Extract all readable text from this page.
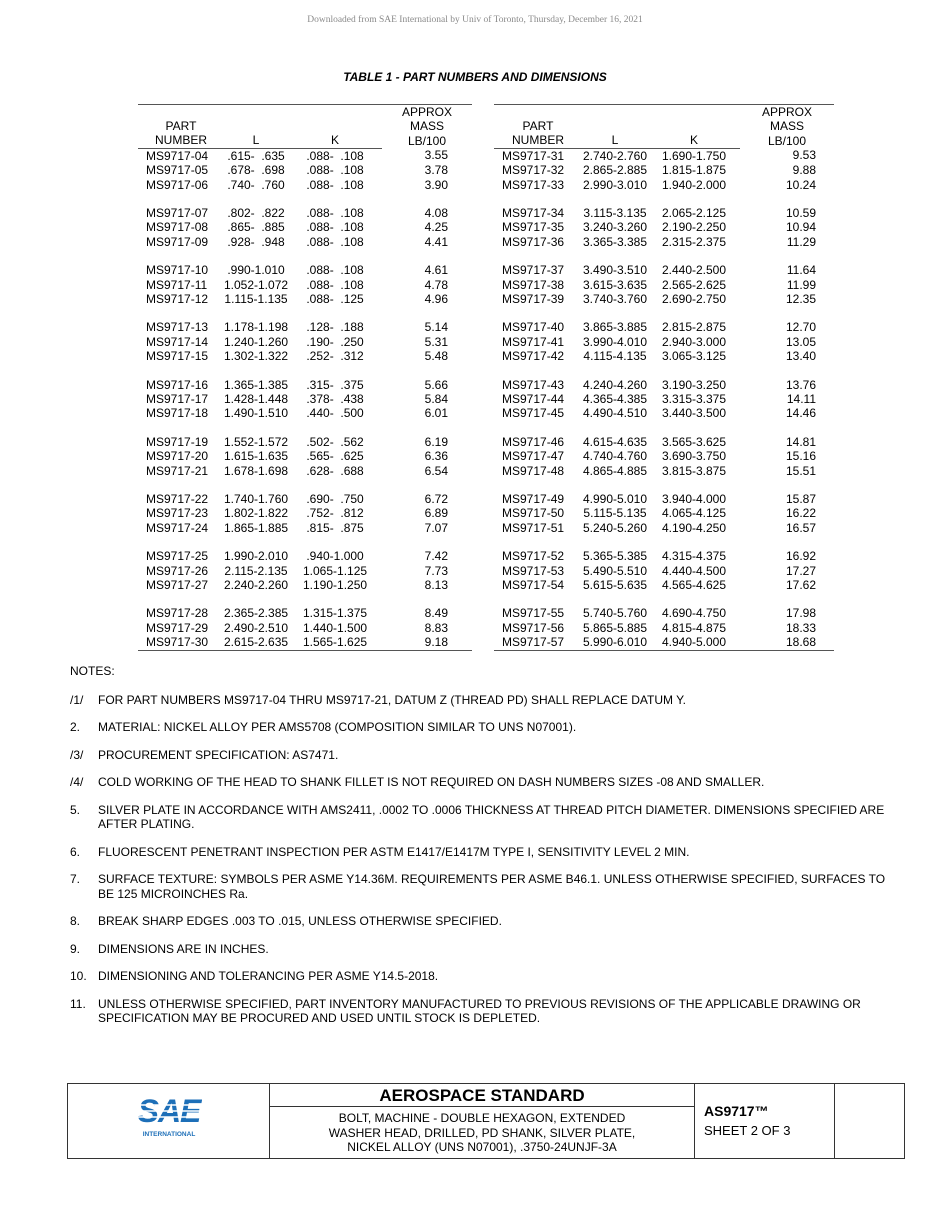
Downloaded from SAE International by Univ of Toronto, Thursday, December 16, 2021
TABLE 1 - PART NUMBERS AND DIMENSIONS
			APPROX
MASS
LB/100

PART
NUMBER	L	K	
MS9717-04	.615-  .635	.088-  .108	3.55
MS9717-05	.678-  .698	.088-  .108	3.78
MS9717-06	.740-  .760	.088-  .108	3.90

MS9717-07	.802-  .822	.088-  .108	4.08
MS9717-08	.865-  .885	.088-  .108	4.25
MS9717-09	.928-  .948	.088-  .108	4.41

MS9717-10	.990-1.010	.088-  .108	4.61
MS9717-11	1.052-1.072	.088-  .108	4.78
MS9717-12	1.115-1.135	.088-  .125	4.96

MS9717-13	1.178-1.198	.128-  .188	5.14
MS9717-14	1.240-1.260	.190-  .250	5.31
MS9717-15	1.302-1.322	.252-  .312	5.48

MS9717-16	1.365-1.385	.315-  .375	5.66
MS9717-17	1.428-1.448	.378-  .438	5.84
MS9717-18	1.490-1.510	.440-  .500	6.01

MS9717-19	1.552-1.572	.502-  .562	6.19
MS9717-20	1.615-1.635	.565-  .625	6.36
MS9717-21	1.678-1.698	.628-  .688	6.54

MS9717-22	1.740-1.760	.690-  .750	6.72
MS9717-23	1.802-1.822	.752-  .812	6.89
MS9717-24	1.865-1.885	.815-  .875	7.07

MS9717-25	1.990-2.010	.940-1.000	7.42
MS9717-26	2.115-2.135	1.065-1.125	7.73
MS9717-27	2.240-2.260	1.190-1.250	8.13

MS9717-28	2.365-2.385	1.315-1.375	8.49
MS9717-29	2.490-2.510	1.440-1.500	8.83
MS9717-30	2.615-2.635	1.565-1.625	9.18
			APPROX
MASS
LB/100

PART
NUMBER	L	K	
MS9717-31	2.740-2.760	1.690-1.750	9.53
MS9717-32	2.865-2.885	1.815-1.875	9.88
MS9717-33	2.990-3.010	1.940-2.000	10.24

MS9717-34	3.115-3.135	2.065-2.125	10.59
MS9717-35	3.240-3.260	2.190-2.250	10.94
MS9717-36	3.365-3.385	2.315-2.375	11.29

MS9717-37	3.490-3.510	2.440-2.500	11.64
MS9717-38	3.615-3.635	2.565-2.625	11.99
MS9717-39	3.740-3.760	2.690-2.750	12.35

MS9717-40	3.865-3.885	2.815-2.875	12.70
MS9717-41	3.990-4.010	2.940-3.000	13.05
MS9717-42	4.115-4.135	3.065-3.125	13.40

MS9717-43	4.240-4.260	3.190-3.250	13.76
MS9717-44	4.365-4.385	3.315-3.375	14.11
MS9717-45	4.490-4.510	3.440-3.500	14.46

MS9717-46	4.615-4.635	3.565-3.625	14.81
MS9717-47	4.740-4.760	3.690-3.750	15.16
MS9717-48	4.865-4.885	3.815-3.875	15.51

MS9717-49	4.990-5.010	3.940-4.000	15.87
MS9717-50	5.115-5.135	4.065-4.125	16.22
MS9717-51	5.240-5.260	4.190-4.250	16.57

MS9717-52	5.365-5.385	4.315-4.375	16.92
MS9717-53	5.490-5.510	4.440-4.500	17.27
MS9717-54	5.615-5.635	4.565-4.625	17.62

MS9717-55	5.740-5.760	4.690-4.750	17.98
MS9717-56	5.865-5.885	4.815-4.875	18.33
MS9717-57	5.990-6.010	4.940-5.000	18.68
NOTES:
/1/	FOR PART NUMBERS MS9717-04 THRU MS9717-21, DATUM Z (THREAD PD) SHALL REPLACE DATUM Y.
2.	MATERIAL: NICKEL ALLOY PER AMS5708 (COMPOSITION SIMILAR TO UNS N07001).
/3/	PROCUREMENT SPECIFICATION: AS7471.
/4/	COLD WORKING OF THE HEAD TO SHANK FILLET IS NOT REQUIRED ON DASH NUMBERS SIZES -08 AND SMALLER.
5.	SILVER PLATE IN ACCORDANCE WITH AMS2411, .0002 TO .0006 THICKNESS AT THREAD PITCH DIAMETER. DIMENSIONS SPECIFIED ARE AFTER PLATING.
6.	FLUORESCENT PENETRANT INSPECTION PER ASTM E1417/E1417M TYPE I, SENSITIVITY LEVEL 2 MIN.
7.	SURFACE TEXTURE: SYMBOLS PER ASME Y14.36M. REQUIREMENTS PER ASME B46.1. UNLESS OTHERWISE SPECIFIED, SURFACES TO BE 125 MICROINCHES Ra.
8.	BREAK SHARP EDGES .003 TO .015, UNLESS OTHERWISE SPECIFIED.
9.	DIMENSIONS ARE IN INCHES.
10. DIMENSIONING AND TOLERANCING PER ASME Y14.5-2018.
11.	UNLESS OTHERWISE SPECIFIED, PART INVENTORY MANUFACTURED TO PREVIOUS REVISIONS OF THE APPLICABLE DRAWING OR SPECIFICATION MAY BE PROCURED AND USED UNTIL STOCK IS DEPLETED.
SAE
INTERNATIONAL
AEROSPACE STANDARD
BOLT, MACHINE - DOUBLE HEXAGON, EXTENDED
WASHER HEAD, DRILLED, PD SHANK, SILVER PLATE,
NICKEL ALLOY (UNS N07001), .3750-24UNJF-3A
AS9717™
SHEET 2 OF 3
